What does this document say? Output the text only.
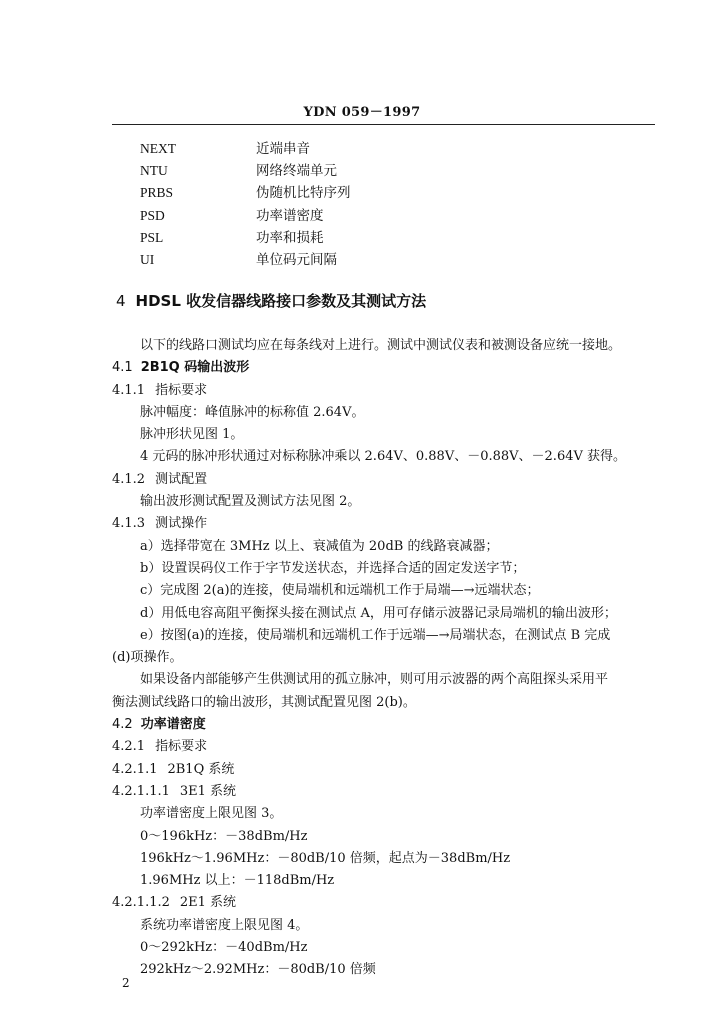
YDN 059－1997
NEXT	近端串音
NTU	网络终端单元
PRBS	伪随机比特序列
PSD	功率谱密度
PSL	功率和损耗
UI	单位码元间隔
4 HDSL 收发信器线路接口参数及其测试方法
以下的线路口测试均应在每条线对上进行。测试中测试仪表和被测设备应统一接地。
4.1 2B1Q 码输出波形
4.1.1 指标要求
脉冲幅度：峰值脉冲的标称值 2.64V。
脉冲形状见图 1。
4 元码的脉冲形状通过对标称脉冲乘以 2.64V、0.88V、－0.88V、－2.64V 获得。
4.1.2 测试配置
输出波形测试配置及测试方法见图 2。
4.1.3 测试操作
a）选择带宽在 3MHz 以上、衰减值为 20dB 的线路衰减器；
b）设置误码仪工作于字节发送状态，并选择合适的固定发送字节；
c）完成图 2(a)的连接，使局端机和远端机工作于局端—→远端状态；
d）用低电容高阻平衡探头接在测试点 A，用可存储示波器记录局端机的输出波形；
e）按图(a)的连接，使局端机和远端机工作于远端—→局端状态，在测试点 B 完成
(d)项操作。
如果设备内部能够产生供测试用的孤立脉冲，则可用示波器的两个高阻探头采用平
衡法测试线路口的输出波形，其测试配置见图 2(b)。
4.2 功率谱密度
4.2.1 指标要求
4.2.1.1 2B1Q 系统
4.2.1.1.1 3E1 系统
功率谱密度上限见图 3。
0～196kHz：－38dBm/Hz
196kHz～1.96MHz：－80dB/10 倍频，起点为－38dBm/Hz
1.96MHz 以上：－118dBm/Hz
4.2.1.1.2 2E1 系统
系统功率谱密度上限见图 4。
0～292kHz：－40dBm/Hz
292kHz～2.92MHz：－80dB/10 倍频
2
